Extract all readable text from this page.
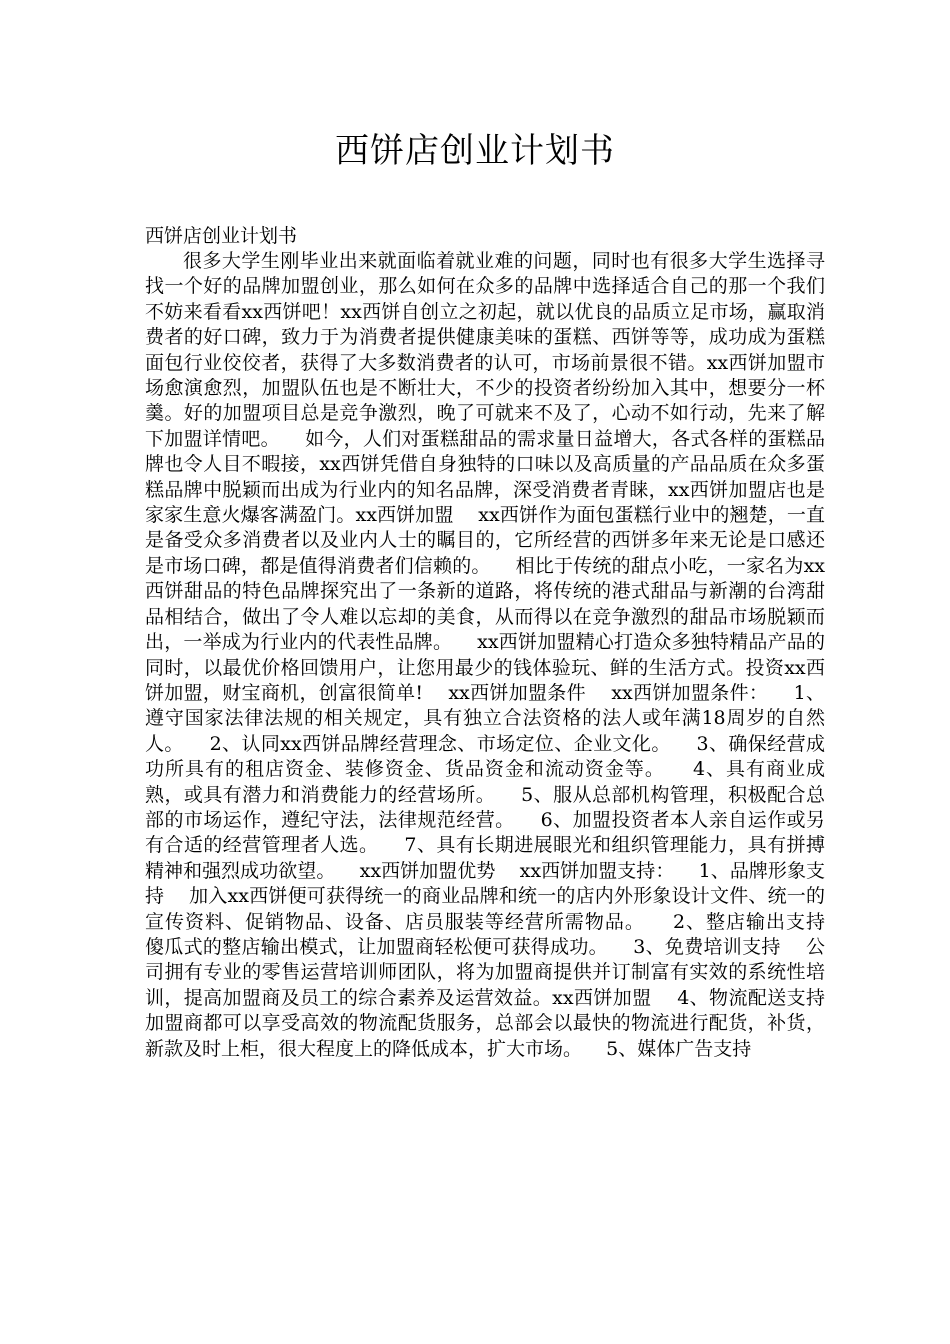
西饼店创业计划书

西饼店创业计划书

很多大学生刚毕业出来就面临着就业难的问题，同时也有很多大学生选择寻找一个好的品牌加盟创业，那么如何在众多的品牌中选择适合自己的那一个我们不妨来看看xx西饼吧！xx西饼自创立之初起，就以优良的品质立足市场，赢取消费者的好口碑，致力于为消费者提供健康美味的蛋糕、西饼等等，成功成为蛋糕面包行业佼佼者，获得了大多数消费者的认可，市场前景很不错。xx西饼加盟市场愈演愈烈，加盟队伍也是不断壮大，不少的投资者纷纷加入其中，想要分一杯羹。好的加盟项目总是竞争激烈，晚了可就来不及了，心动不如行动，先来了解下加盟详情吧。    如今，人们对蛋糕甜品的需求量日益增大，各式各样的蛋糕品牌也令人目不暇接，xx西饼凭借自身独特的口味以及高质量的产品品质在众多蛋糕品牌中脱颖而出成为行业内的知名品牌，深受消费者青睐，xx西饼加盟店也是家家生意火爆客满盈门。xx西饼加盟    xx西饼作为面包蛋糕行业中的翘楚，一直是备受众多消费者以及业内人士的瞩目的，它所经营的西饼多年来无论是口感还是市场口碑，都是值得消费者们信赖的。    相比于传统的甜点小吃，一家名为xx西饼甜品的特色品牌探究出了一条新的道路，将传统的港式甜品与新潮的台湾甜品相结合，做出了令人难以忘却的美食，从而得以在竞争激烈的甜品市场脱颖而出，一举成为行业内的代表性品牌。    xx西饼加盟精心打造众多独特精品产品的同时，以最优价格回馈用户，让您用最少的钱体验玩、鲜的生活方式。投资xx西饼加盟，财宝商机，创富很简单!    xx西饼加盟条件    xx西饼加盟条件：    1、遵守国家法律法规的相关规定，具有独立合法资格的法人或年满18周岁的自然人。    2、认同xx西饼品牌经营理念、市场定位、企业文化。    3、确保经营成功所具有的租店资金、装修资金、货品资金和流动资金等。    4、具有商业成熟，或具有潜力和消费能力的经营场所。    5、服从总部机构管理，积极配合总部的市场运作，遵纪守法，法律规范经营。    6、加盟投资者本人亲自运作或另有合适的经营管理者人选。    7、具有长期进展眼光和组织管理能力，具有拼搏精神和强烈成功欲望。    xx西饼加盟优势    xx西饼加盟支持：    1、品牌形象支持    加入xx西饼便可获得统一的商业品牌和统一的店内外形象设计文件、统一的宣传资料、促销物品、设备、店员服装等经营所需物品。    2、整店输出支持    傻瓜式的整店输出模式，让加盟商轻松便可获得成功。    3、免费培训支持    公司拥有专业的零售运营培训师团队，将为加盟商提供并订制富有实效的系统性培训，提高加盟商及员工的综合素养及运营效益。xx西饼加盟    4、物流配送支持    加盟商都可以享受高效的物流配货服务，总部会以最快的物流进行配货，补货，新款及时上柜，很大程度上的降低成本，扩大市场。    5、媒体广告支持
